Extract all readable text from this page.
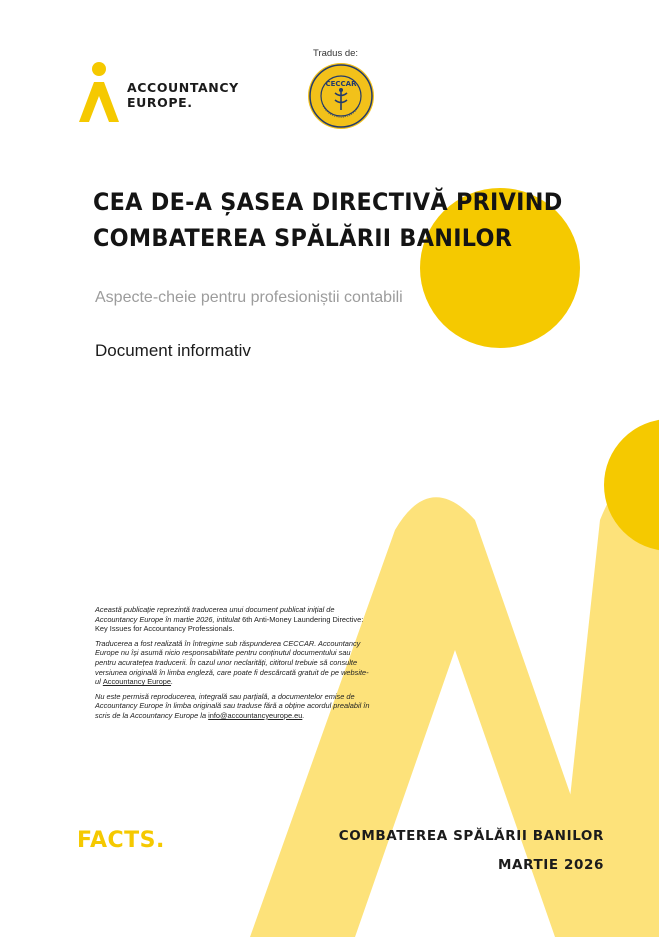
ACCOUNTANCY
EUROPE.
Tradus de:
CECCAR
CEA DE-A ȘASEA DIRECTIVĂ PRIVIND
COMBATEREA SPĂLĂRII BANILOR
Aspecte-cheie pentru profesioniștii contabili
Document informativ

Această publicație reprezintă traducerea unui document publicat inițial de Accountancy Europe în martie 2026, intitulat 6th Anti-Money Laundering Directive: Key Issues for Accountancy Professionals.

Traducerea a fost realizată în întregime sub răspunderea CECCAR. Accountancy Europe nu își asumă nicio responsabilitate pentru conținutul documentului sau pentru acuratețea traducerii. În cazul unor neclarități, cititorul trebuie să consulte versiunea originală în limba engleză, care poate fi descărcată gratuit de pe website-ul Accountancy Europe.

Nu este permisă reproducerea, integrală sau parțială, a documentelor emise de Accountancy Europe în limba originală sau traduse fără a obține acordul prealabil în scris de la Accountancy Europe la info@accountancyeurope.eu.

FACTS.	COMBATEREA SPĂLĂRII BANILOR
MARTIE 2026
